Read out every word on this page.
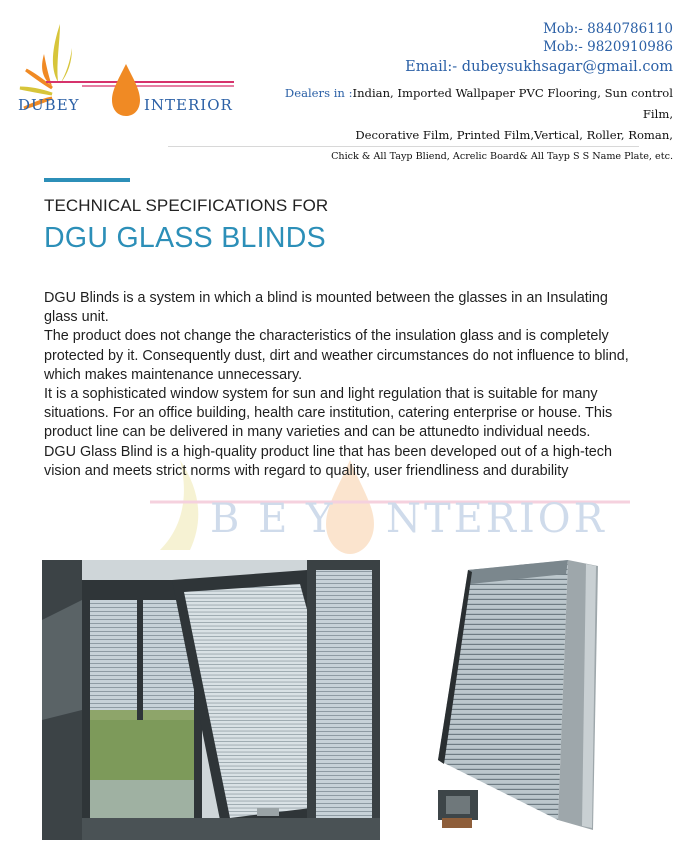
DUBEY	INTERIOR
Mob:- 8840786110
Mob:- 9820910986
Email:- dubeysukhsagar@gmail.com
Dealers in :Indian, Imported Wallpaper PVC Flooring, Sun control Film,
Decorative Film, Printed Film,Vertical, Roller, Roman,
Chick & All Tayp Bliend, Acrelic Board& All Tayp S S Name Plate, etc.
TECHNICAL SPECIFICATIONS FOR
DGU GLASS BLINDS
B E Y NTERIOR

DGU Blinds is a system in which a blind is mounted between the glasses in an Insulating glass unit.

The product does not change the characteristics of the insulation glass and is completely protected by it. Consequently dust, dirt and weather circumstances do not influence to blind, which makes maintenance unnecessary.

It is a sophisticated window system for sun and light regulation that is suitable for many situations. For an office building, health care institution, catering enterprise or house. This product line can be delivered in many varieties and can be attunedto individual needs.

DGU Glass Blind is a high-quality product line that has been developed out of a high-tech vision and meets strict norms with regard to quality, user friendliness and durability
